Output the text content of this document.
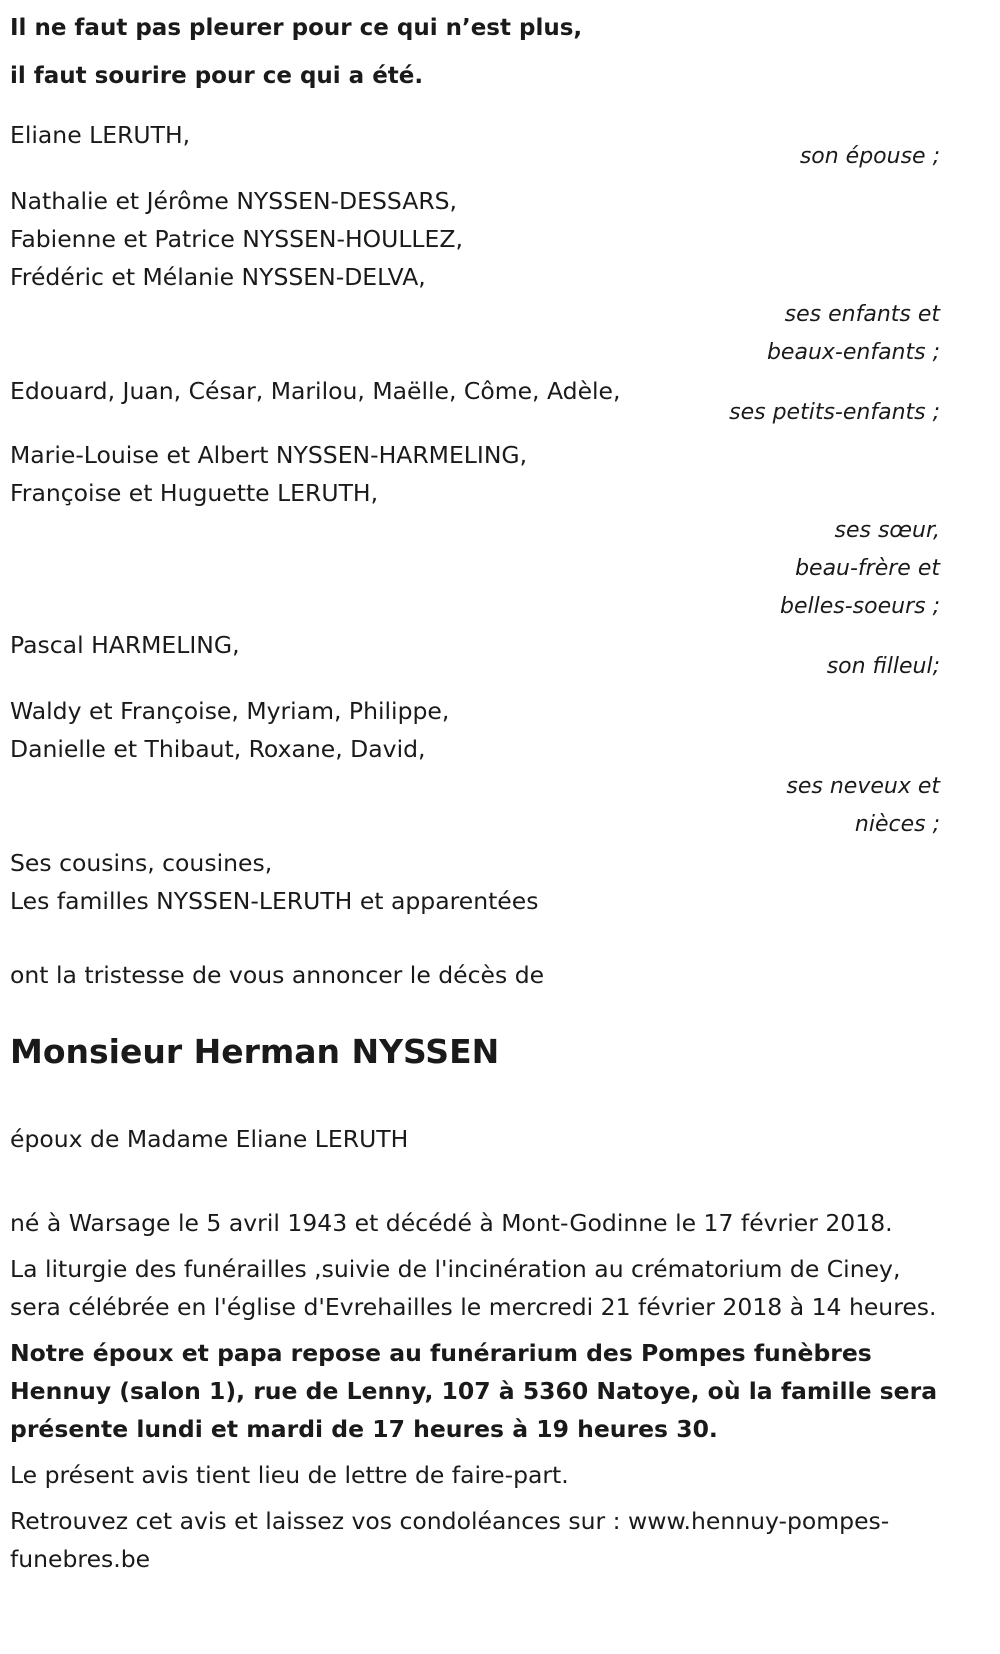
Il ne faut pas pleurer pour ce qui n’est plus,
il faut sourire pour ce qui a été.
Eliane LERUTH,
son épouse ;
Nathalie et Jérôme NYSSEN-DESSARS,
Fabienne et Patrice NYSSEN-HOULLEZ,
Frédéric et Mélanie NYSSEN-DELVA,
ses enfants et
beaux-enfants ;
Edouard, Juan, César, Marilou, Maëlle, Côme, Adèle,
ses petits-enfants ;
Marie-Louise et Albert NYSSEN-HARMELING,
Françoise et Huguette LERUTH,
ses sœur,
beau-frère et
belles-soeurs ;
Pascal HARMELING,
son filleul;
Waldy et Françoise, Myriam, Philippe,
Danielle et Thibaut, Roxane, David,
ses neveux et
nièces ;
Ses cousins, cousines,
Les familles NYSSEN-LERUTH et apparentées
ont la tristesse de vous annoncer le décès de
Monsieur Herman NYSSEN
époux de Madame Eliane LERUTH
né à Warsage le 5 avril 1943 et décédé à Mont-Godinne le 17 février 2018.
La liturgie des funérailles ,suivie de l'incinération au crématorium de Ciney, sera célébrée en l'église d'Evrehailles le mercredi 21 février 2018 à 14 heures.
Notre époux et papa repose au funérarium des Pompes funèbres Hennuy (salon 1), rue de Lenny, 107 à 5360 Natoye, où la famille sera présente lundi et mardi de 17 heures à 19 heures 30.
Le présent avis tient lieu de lettre de faire-part.
Retrouvez cet avis et laissez vos condoléances sur : www.hennuy-pompes-funebres.be
